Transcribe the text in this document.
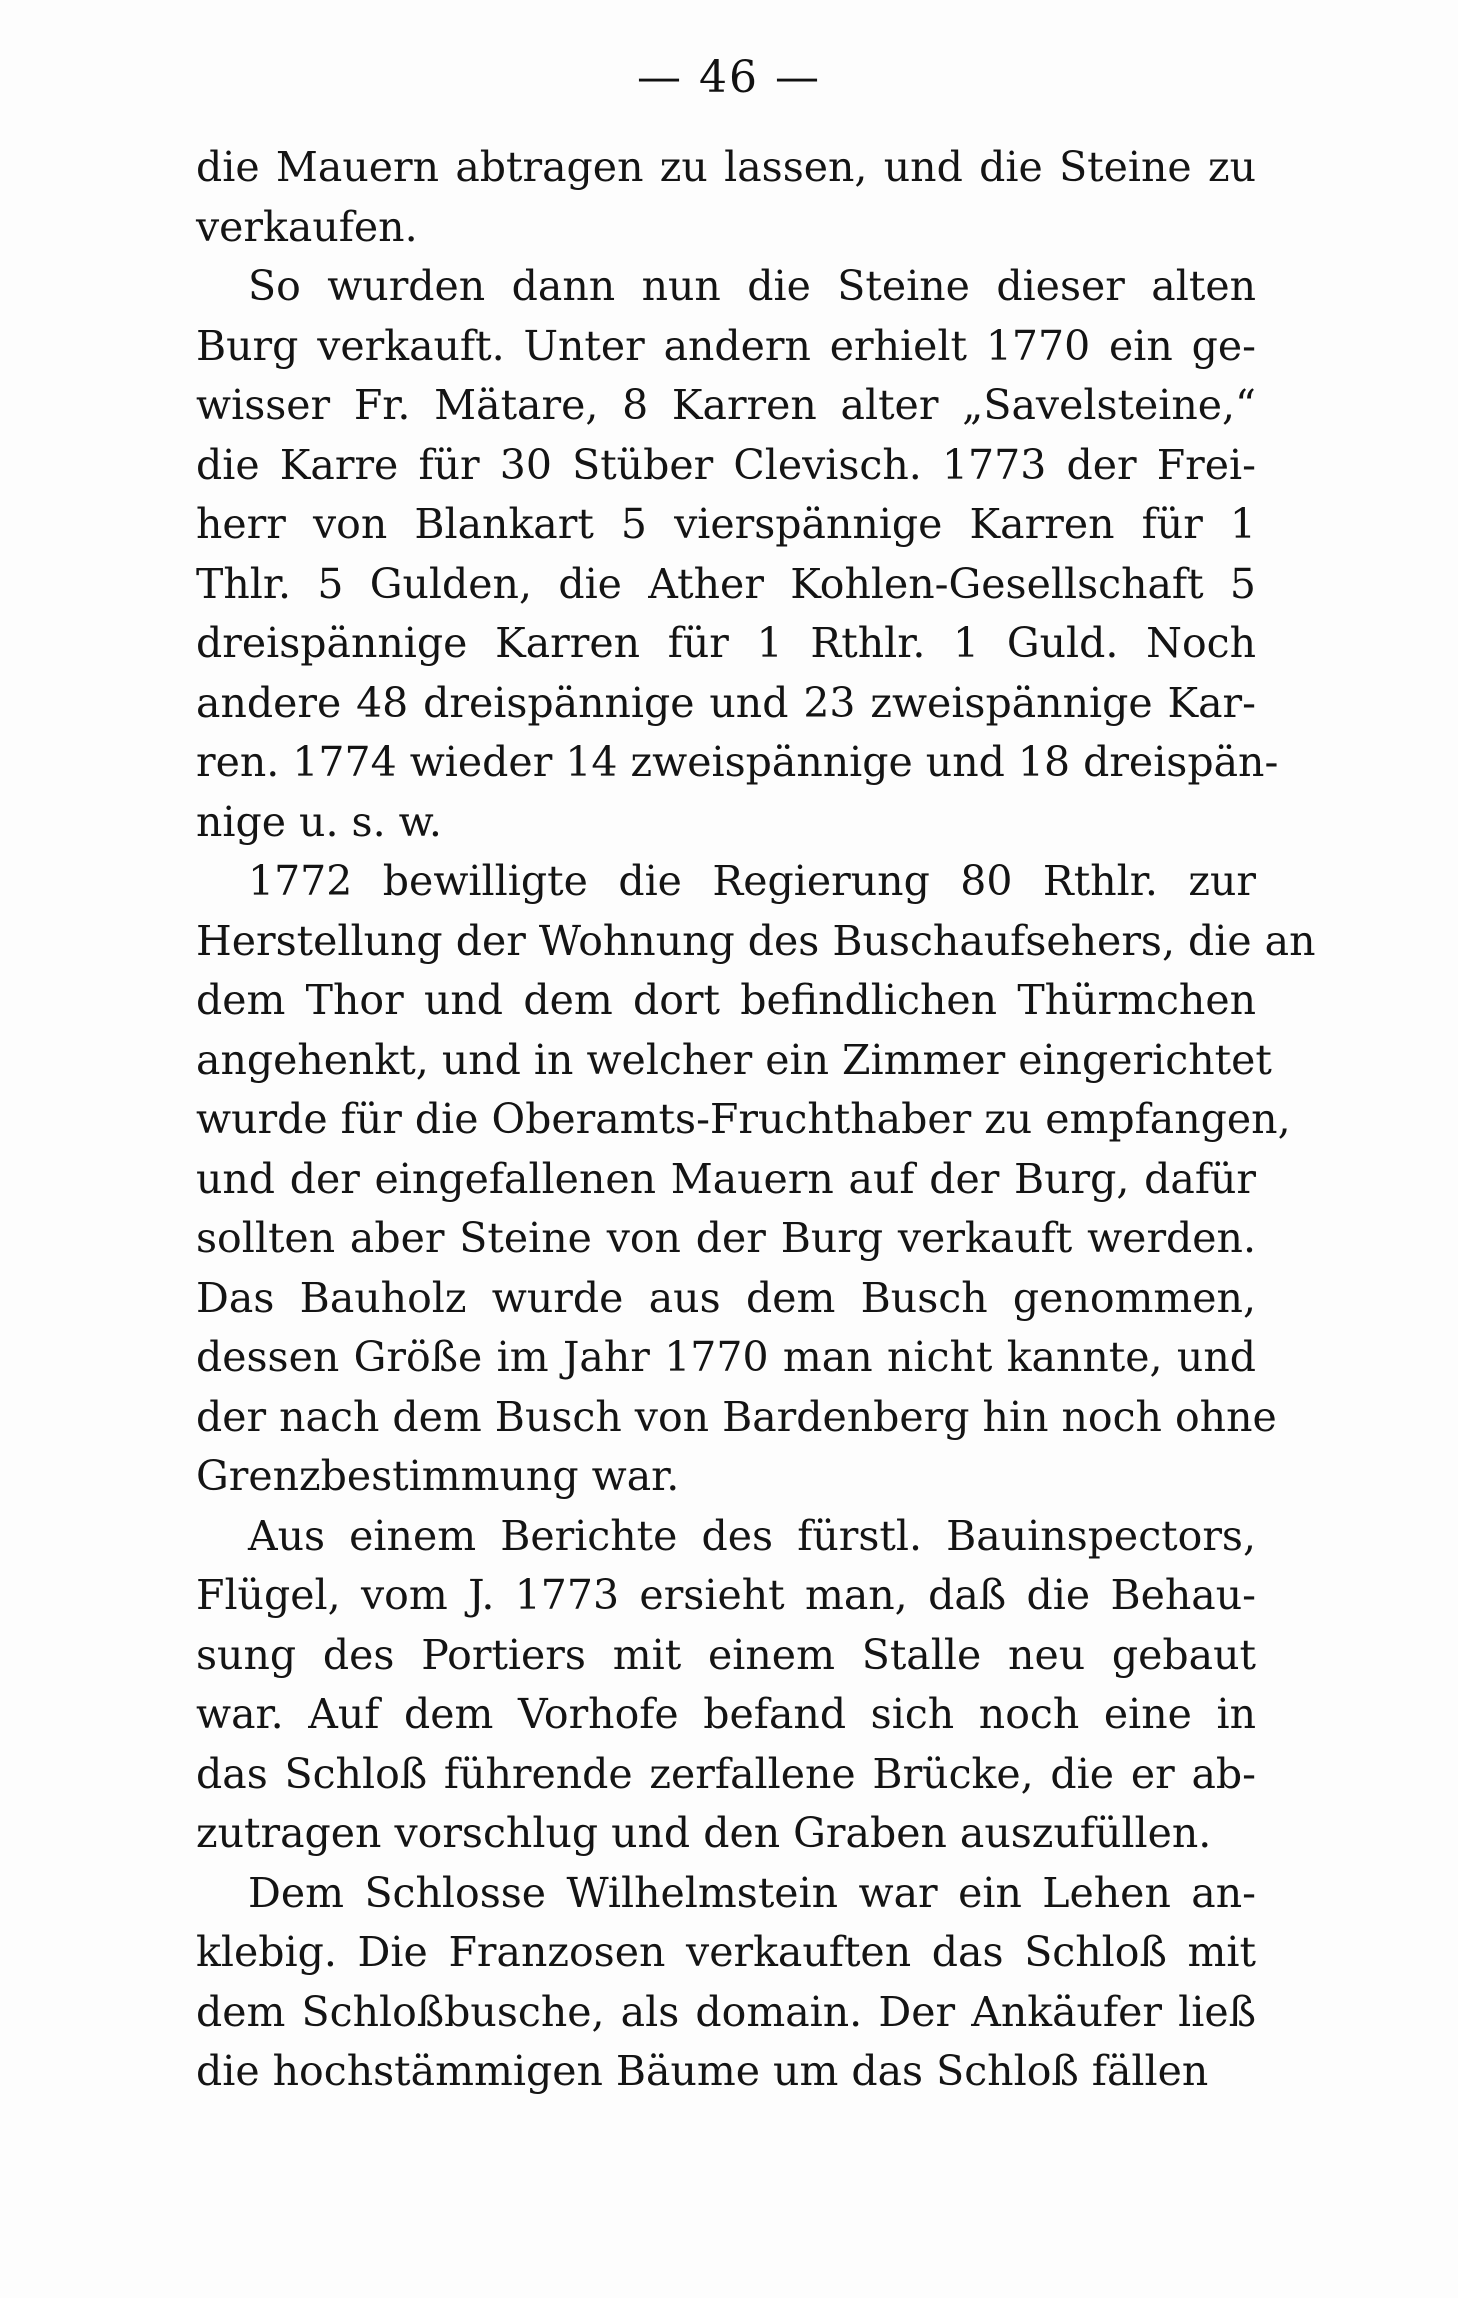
— 46 —
die Mauern abtragen zu lassen, und die Steine zu
verkaufen.
So wurden dann nun die Steine dieser alten
Burg verkauft. Unter andern erhielt 1770 ein ge-
wisser Fr. Mätare, 8 Karren alter „Savelsteine,“
die Karre für 30 Stüber Clevisch. 1773 der Frei-
herr von Blankart 5 vierspännige Karren für 1
Thlr. 5 Gulden, die Ather Kohlen-Gesellschaft 5
dreispännige Karren für 1 Rthlr. 1 Guld. Noch
andere 48 dreispännige und 23 zweispännige Kar-
ren. 1774 wieder 14 zweispännige und 18 dreispän-
nige u. s. w.
1772 bewilligte die Regierung 80 Rthlr. zur
Herstellung der Wohnung des Buschaufsehers, die an
dem Thor und dem dort befindlichen Thürmchen
angehenkt, und in welcher ein Zimmer eingerichtet
wurde für die Oberamts-Fruchthaber zu empfangen,
und der eingefallenen Mauern auf der Burg, dafür
sollten aber Steine von der Burg verkauft werden.
Das Bauholz wurde aus dem Busch genommen,
dessen Größe im Jahr 1770 man nicht kannte, und
der nach dem Busch von Bardenberg hin noch ohne
Grenzbestimmung war.
Aus einem Berichte des fürstl. Bauinspectors,
Flügel, vom J. 1773 ersieht man, daß die Behau-
sung des Portiers mit einem Stalle neu gebaut
war. Auf dem Vorhofe befand sich noch eine in
das Schloß führende zerfallene Brücke, die er ab-
zutragen vorschlug und den Graben auszufüllen.
Dem Schlosse Wilhelmstein war ein Lehen an-
klebig. Die Franzosen verkauften das Schloß mit
dem Schloßbusche, als domain. Der Ankäufer ließ
die hochstämmigen Bäume um das Schloß fällen
